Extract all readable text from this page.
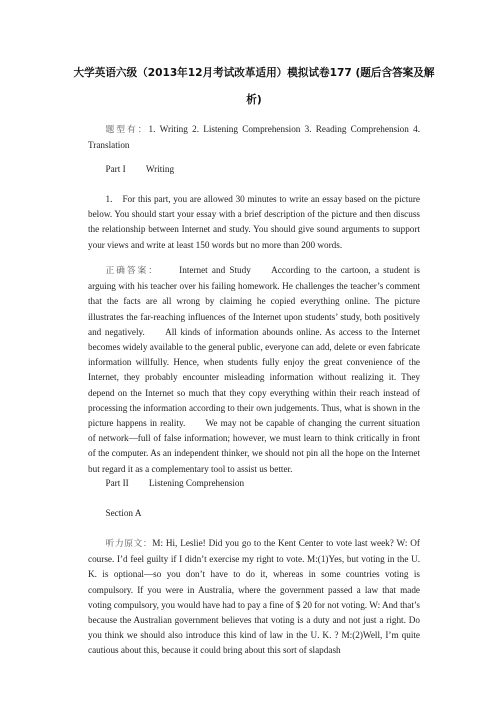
大学英语六级（2013年12月考试改革适用）模拟试卷177 (题后含答案及解析)
题型有：1. Writing 2. Listening Comprehension 3. Reading Comprehension 4. Translation
Part I Writing

1.　For this part, you are allowed 30 minutes to write an essay based on the picture below. You should start your essay with a brief description of the picture and then discuss the relationship between Internet and study. You should give sound arguments to support your views and write at least 150 words but no more than 200 words.

正确答案： Internet and Study According to the cartoon, a student is arguing with his teacher over his failing homework. He challenges the teacher’s comment that the facts are all wrong by claiming he copied everything online. The picture illustrates the far-reaching influences of the Internet upon students’ study, both positively and negatively. All kinds of information abounds online. As access to the Internet becomes widely available to the general public, everyone can add, delete or even fabricate information willfully. Hence, when students fully enjoy the great convenience of the Internet, they probably encounter misleading information without realizing it. They depend on the Internet so much that they copy everything within their reach instead of processing the information according to their own judgements. Thus, what is shown in the picture happens in reality. We may not be capable of changing the current situation of network—full of false information; however, we must learn to think critically in front of the computer. As an independent thinker, we should not pin all the hope on the Internet but regard it as a complementary tool to assist us better.

Part II Listening Comprehension
Section A

听力原文：M: Hi, Leslie! Did you go to the Kent Center to vote last week? W: Of course. I’d feel guilty if I didn’t exercise my right to vote. M:(1)Yes, but voting in the U. K. is optional—so you don’t have to do it, whereas in some countries voting is compulsory. If you were in Australia, where the government passed a law that made voting compulsory, you would have had to pay a fine of $ 20 for not voting. W: And that’s because the Australian government believes that voting is a duty and not just a right. Do you think we should also introduce this kind of law in the U. K. ? M:(2)Well, I’m quite cautious about this, because it could bring about this sort of slapdash
